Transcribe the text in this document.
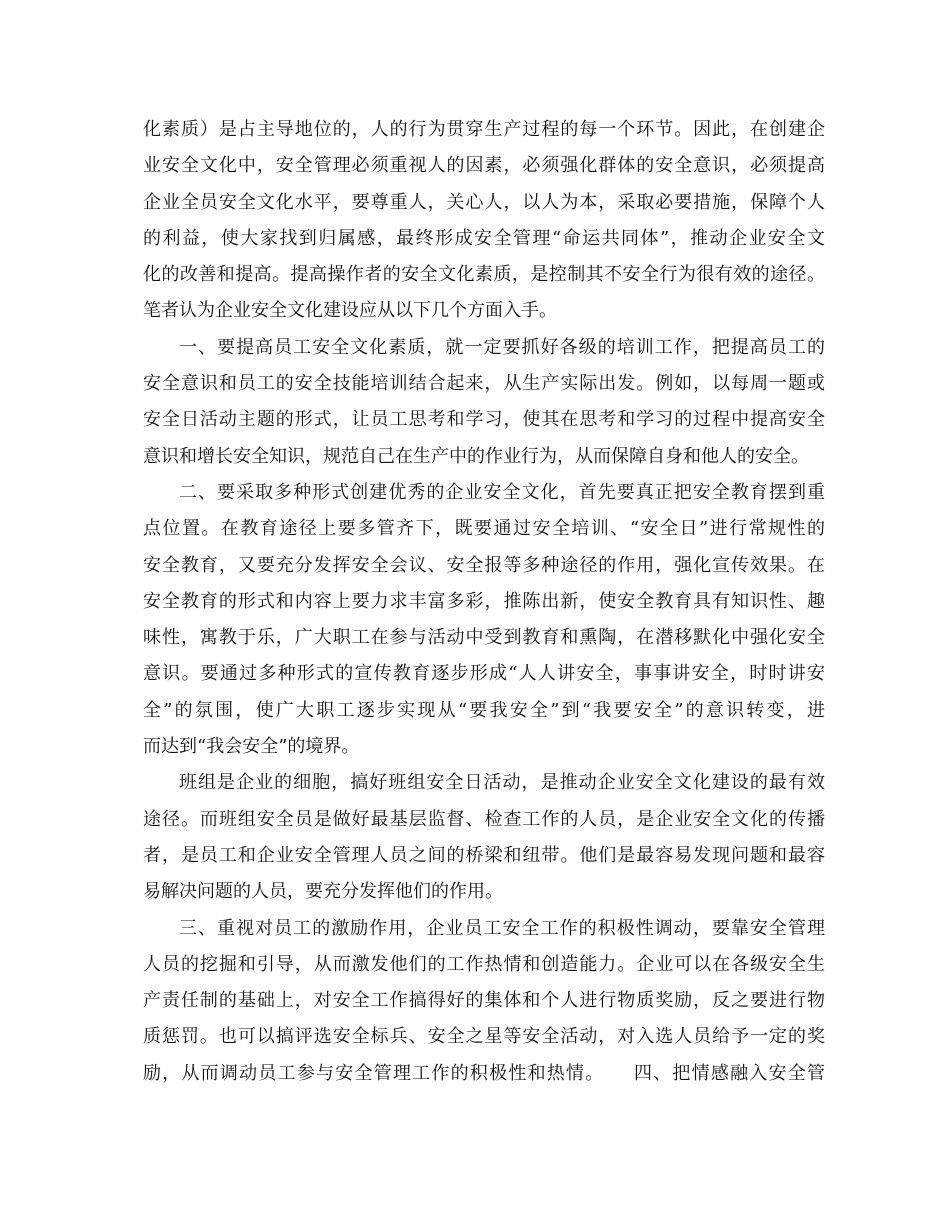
化素质）是占主导地位的，人的行为贯穿生产过程的每一个环节。因此，在创建企
业安全文化中，安全管理必须重视人的因素，必须强化群体的安全意识，必须提高
企业全员安全文化水平，要尊重人，关心人，以人为本，采取必要措施，保障个人
的利益，使大家找到归属感，最终形成安全管理“命运共同体”，推动企业安全文
化的改善和提高。提高操作者的安全文化素质，是控制其不安全行为很有效的途径。
笔者认为企业安全文化建设应从以下几个方面入手。
一、要提高员工安全文化素质，就一定要抓好各级的培训工作，把提高员工的
安全意识和员工的安全技能培训结合起来，从生产实际出发。例如，以每周一题或
安全日活动主题的形式，让员工思考和学习，使其在思考和学习的过程中提高安全
意识和增长安全知识，规范自己在生产中的作业行为，从而保障自身和他人的安全。
二、要采取多种形式创建优秀的企业安全文化，首先要真正把安全教育摆到重
点位置。在教育途径上要多管齐下，既要通过安全培训、“安全日”进行常规性的
安全教育，又要充分发挥安全会议、安全报等多种途径的作用，强化宣传效果。在
安全教育的形式和内容上要力求丰富多彩，推陈出新，使安全教育具有知识性、趣
味性，寓教于乐，广大职工在参与活动中受到教育和熏陶，在潜移默化中强化安全
意识。要通过多种形式的宣传教育逐步形成“人人讲安全，事事讲安全，时时讲安
全”的氛围，使广大职工逐步实现从“要我安全”到“我要安全”的意识转变，进
而达到“我会安全”的境界。
班组是企业的细胞，搞好班组安全日活动，是推动企业安全文化建设的最有效
途径。而班组安全员是做好最基层监督、检查工作的人员，是企业安全文化的传播
者，是员工和企业安全管理人员之间的桥梁和纽带。他们是最容易发现问题和最容
易解决问题的人员，要充分发挥他们的作用。
三、重视对员工的激励作用，企业员工安全工作的积极性调动，要靠安全管理
人员的挖掘和引导，从而激发他们的工作热情和创造能力。企业可以在各级安全生
产责任制的基础上，对安全工作搞得好的集体和个人进行物质奖励，反之要进行物
质惩罚。也可以搞评选安全标兵、安全之星等安全活动，对入选人员给予一定的奖
励，从而调动员工参与安全管理工作的积极性和热情。　　四、把情感融入安全管
